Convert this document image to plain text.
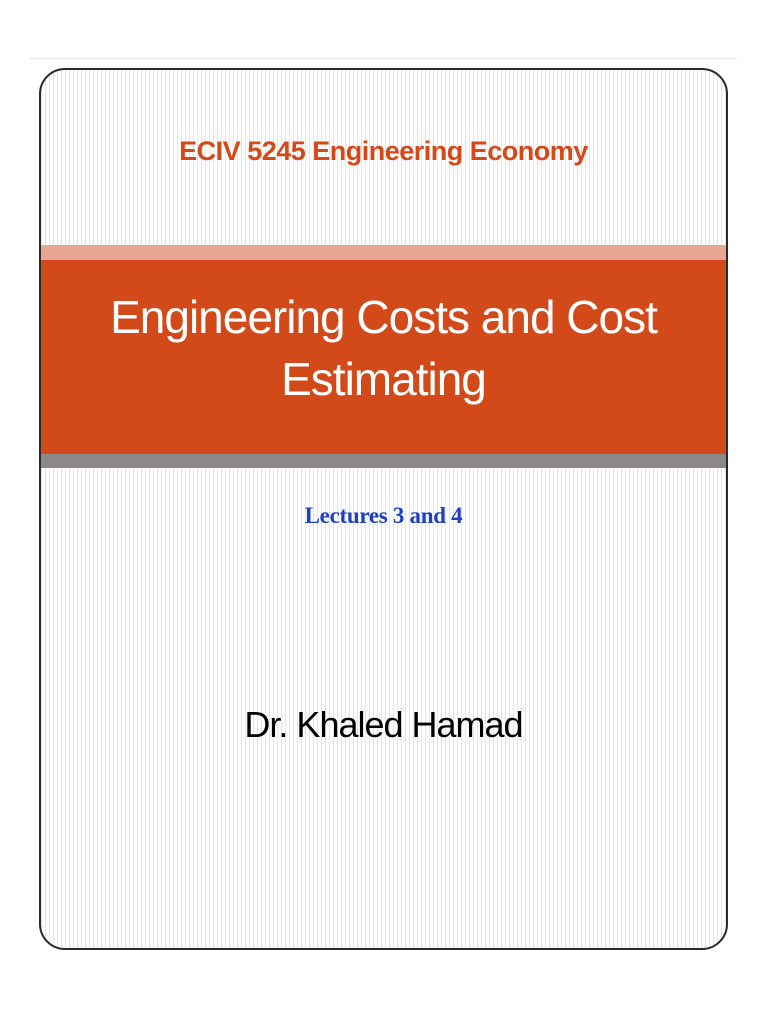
ECIV 5245 Engineering Economy
Engineering Costs and Cost
Estimating
Lectures 3 and 4
Dr. Khaled Hamad
